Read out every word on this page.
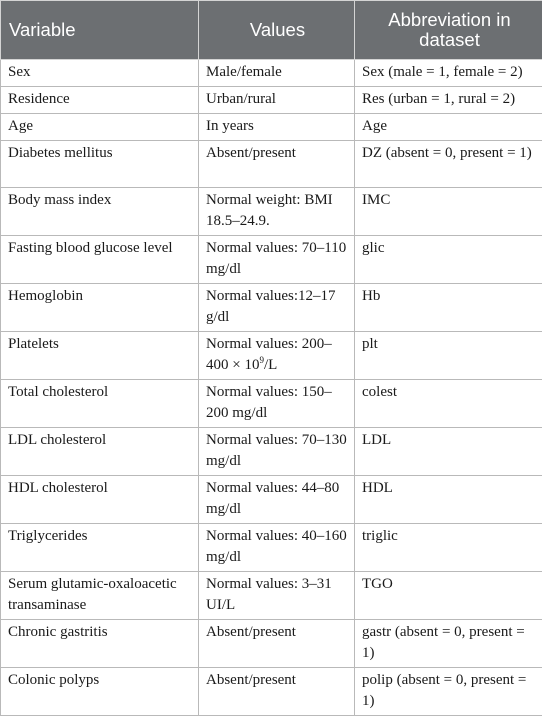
Variable	Values	Abbreviation in dataset
Sex	Male/female	Sex (male = 1, female = 2)
Residence	Urban/rural	Res (urban = 1, rural = 2)
Age	In years	Age
Diabetes mellitus	Absent/present	DZ (absent = 0, present = 1)
Body mass index	Normal weight: BMI 18.5–24.9.	IMC
Fasting blood glucose level	Normal values: 70–110 mg/dl	glic
Hemoglobin	Normal values:12–17 g/dl	Hb
Platelets	Normal values: $200-400 \times 10^9/L$	plt
Total cholesterol	Normal values: 150–200 mg/dl	colest
LDL cholesterol	Normal values: 70–130 mg/dl	LDL
HDL cholesterol	Normal values: 44–80 mg/dl	HDL
Triglycerides	Normal values: 40–160 mg/dl	triglic
Serum glutamic-oxaloacetic transaminase	Normal values: 3–31 UI/L	TGO
Chronic gastritis	Absent/present	gastr (absent = 0, present = 1)
Colonic polyps	Absent/present	polip (absent = 0, present = 1)
